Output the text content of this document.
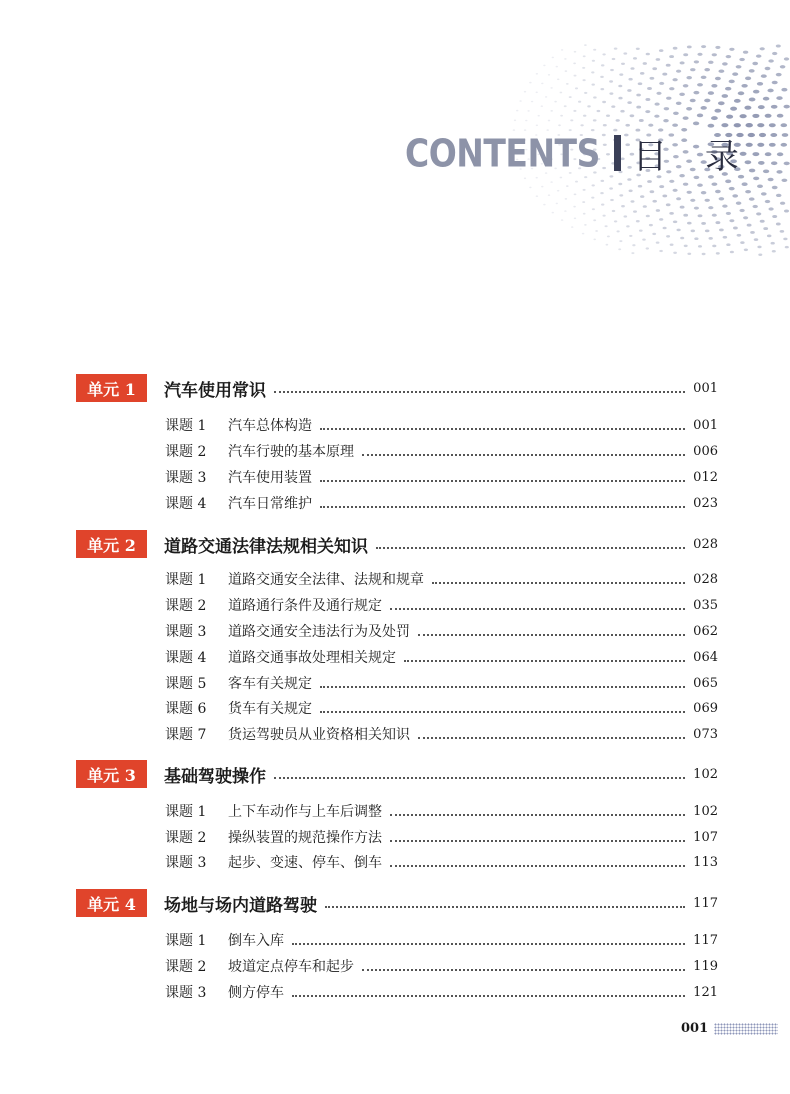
CONTENTS 目录
单元 1	汽车使用常识	001
课题 1	汽车总体构造	001
课题 2	汽车行驶的基本原理	006
课题 3	汽车使用装置	012
课题 4	汽车日常维护	023
单元 2	道路交通法律法规相关知识	028
课题 1	道路交通安全法律、法规和规章	028
课题 2	道路通行条件及通行规定	035
课题 3	道路交通安全违法行为及处罚	062
课题 4	道路交通事故处理相关规定	064
课题 5	客车有关规定	065
课题 6	货车有关规定	069
课题 7	货运驾驶员从业资格相关知识	073
单元 3	基础驾驶操作	102
课题 1	上下车动作与上车后调整	102
课题 2	操纵装置的规范操作方法	107
课题 3	起步、变速、停车、倒车	113
单元 4	场地与场内道路驾驶	117
课题 1	倒车入库	117
课题 2	坡道定点停车和起步	119
课题 3	侧方停车	121
001
